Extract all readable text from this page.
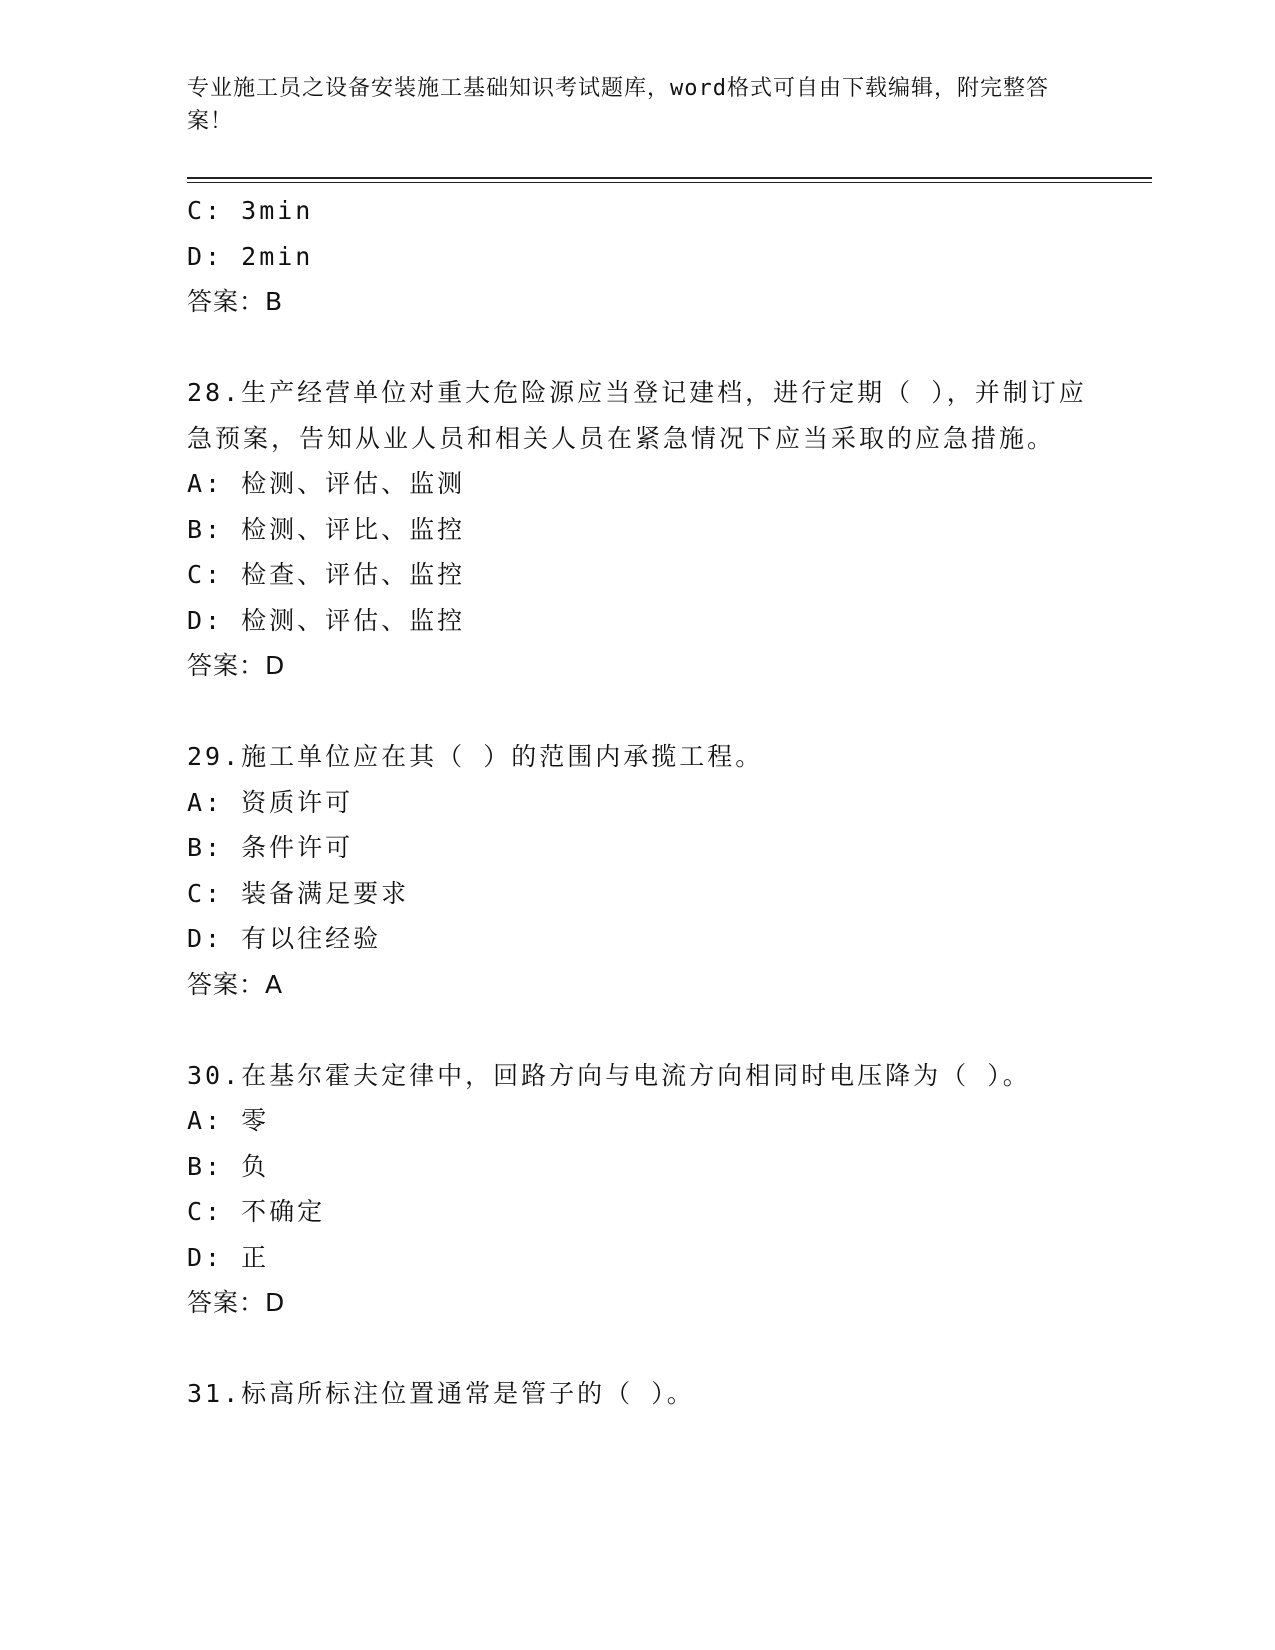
专业施工员之设备安装施工基础知识考试题库，word格式可自由下载编辑，附完整答案！
C: 3min
D: 2min
答案：B
28.生产经营单位对重大危险源应当登记建档，进行定期（ ），并制订应急预案，告知从业人员和相关人员在紧急情况下应当采取的应急措施。
A: 检测、评估、监测
B: 检测、评比、监控
C: 检查、评估、监控
D: 检测、评估、监控
答案：D
29.施工单位应在其（ ）的范围内承揽工程。
A: 资质许可
B: 条件许可
C: 装备满足要求
D: 有以往经验
答案：A
30.在基尔霍夫定律中，回路方向与电流方向相同时电压降为（ ）。
A: 零
B: 负
C: 不确定
D: 正
答案：D
31.标高所标注位置通常是管子的（ ）。
